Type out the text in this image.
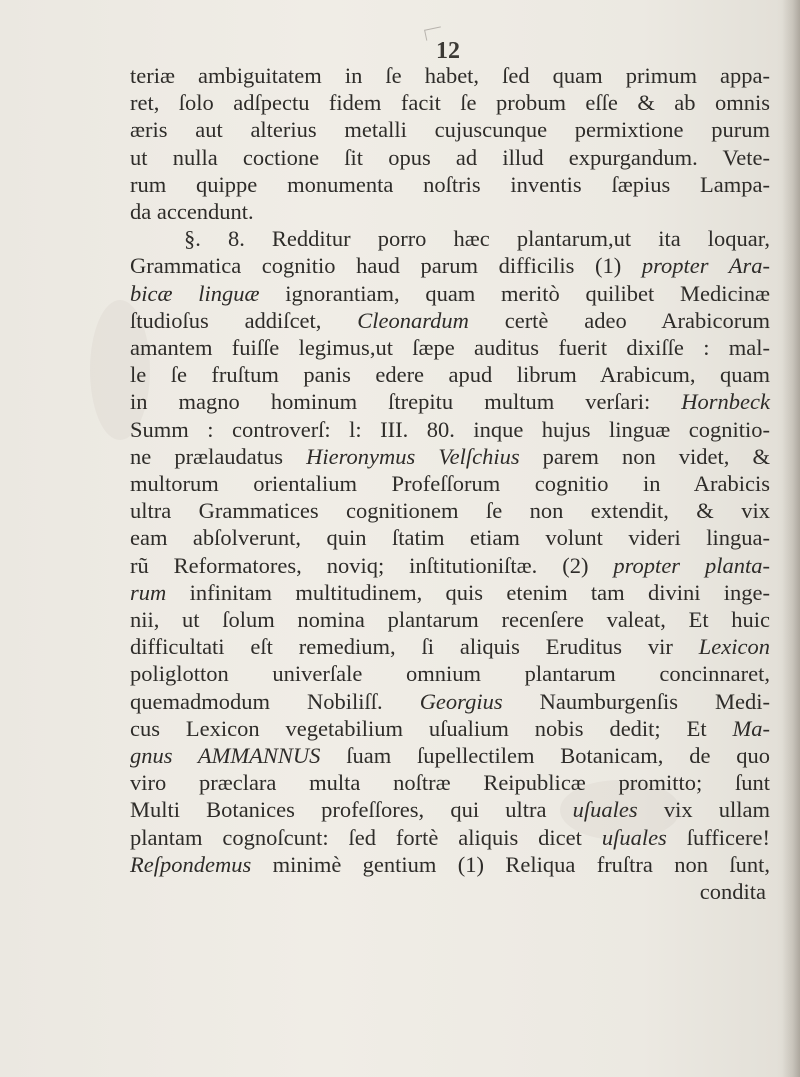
12

teriæ ambiguitatem in ſe habet, ſed quam primum appa-

ret, ſolo adſpectu fidem facit ſe probum eſſe & ab omnis

æris aut alterius metalli cujuscunque permixtione purum

ut nulla coctione ſit opus ad illud expurgandum. Vete-

rum quippe monumenta noſtris inventis ſæpius Lampa-

da accendunt.

§. 8. Redditur porro hæc plantarum,ut ita loquar,

Grammatica cognitio haud parum difficilis (1) propter Ara-

bicæ linguæ ignorantiam, quam meritò quilibet Medicinæ

ſtudioſus addiſcet, Cleonardum certè adeo Arabicorum

amantem fuiſſe legimus,ut ſæpe auditus fuerit dixiſſe : mal-

le ſe fruſtum panis edere apud librum Arabicum, quam

in magno hominum ſtrepitu multum verſari: Hornbeck

Summ : controverſ: l: III. 80. inque hujus linguæ cognitio-

ne prælaudatus Hieronymus Velſchius parem non videt, &

multorum orientalium Profeſſorum cognitio in Arabicis

ultra Grammatices cognitionem ſe non extendit, & vix

eam abſolverunt, quin ſtatim etiam volunt videri lingua-

rũ Reformatores, noviq; inſtitutioniſtæ. (2) propter planta-

rum infinitam multitudinem, quis etenim tam divini inge-

nii, ut ſolum nomina plantarum recenſere valeat, Et huic

difficultati eſt remedium, ſi aliquis Eruditus vir Lexicon

poliglotton univerſale omnium plantarum concinnaret,

quemadmodum Nobiliſſ. Georgius Naumburgenſis Medi-

cus Lexicon vegetabilium uſualium nobis dedit; Et Ma-

gnus AMMANNUS ſuam ſupellectilem Botanicam, de quo

viro præclara multa noſtræ Reipublicæ promitto; ſunt

Multi Botanices profeſſores, qui ultra uſuales vix ullam

plantam cognoſcunt: ſed fortè aliquis dicet uſuales ſufficere!

Reſpondemus minimè gentium (1) Reliqua fruſtra non ſunt,

condita
